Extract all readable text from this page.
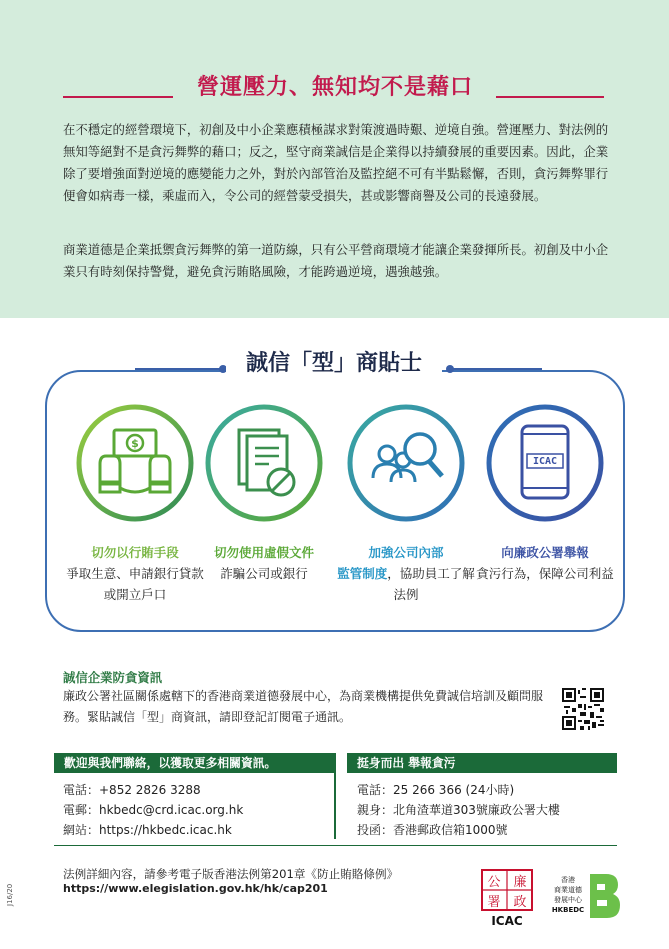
營運壓力、無知均不是藉口

在不穩定的經營環境下，初創及中小企業應積極謀求對策渡過時艱、逆境自強。營運壓力、對法例的無知等絕對不是貪污舞弊的藉口；反之，堅守商業誠信是企業得以持續發展的重要因素。因此，企業除了要增強面對逆境的應變能力之外，對於內部管治及監控絕不可有半點鬆懈，否則，貪污舞弊罪行便會如病毒一樣，乘虛而入，令公司的經營蒙受損失，甚或影響商譽及公司的長遠發展。

商業道德是企業抵禦貪污舞弊的第一道防線，只有公平營商環境才能讓企業發揮所長。初創及中小企業只有時刻保持警覺，避免貪污賄賂風險，才能跨過逆境，遇強越強。

誠信「型」商貼士
$
切勿以行賄手段
爭取生意、申請銀行貸款或開立戶口
切勿使用虛假文件
詐騙公司或銀行
加強公司內部
監管制度，協助員工了解法例
ICAC
向廉政公署舉報
貪污行為，保障公司利益

誠信企業防貪資訊

廉政公署社區關係處轄下的香港商業道德發展中心，為商業機構提供免費誠信培訓及顧問服務。緊貼誠信「型」商資訊，請即登記訂閱電子通訊。

歡迎與我們聯絡，以獲取更多相關資訊。	挺身而出 舉報貪污
電話：+852 2826 3288
電郵：hkbedc@crd.icac.org.hk
網站：https://hkbedc.icac.hk
電話：25 266 366 (24小時)
親身：北角渣華道303號廉政公署大樓
投函：香港郵政信箱1000號

法例詳細內容，請參考電子版香港法例第201章《防止賄賂條例》

https://www.elegislation.gov.hk/hk/cap201

J16/20
公 廉
署 政
ICAC
香港
商業道德
發展中心
HKBEDC
